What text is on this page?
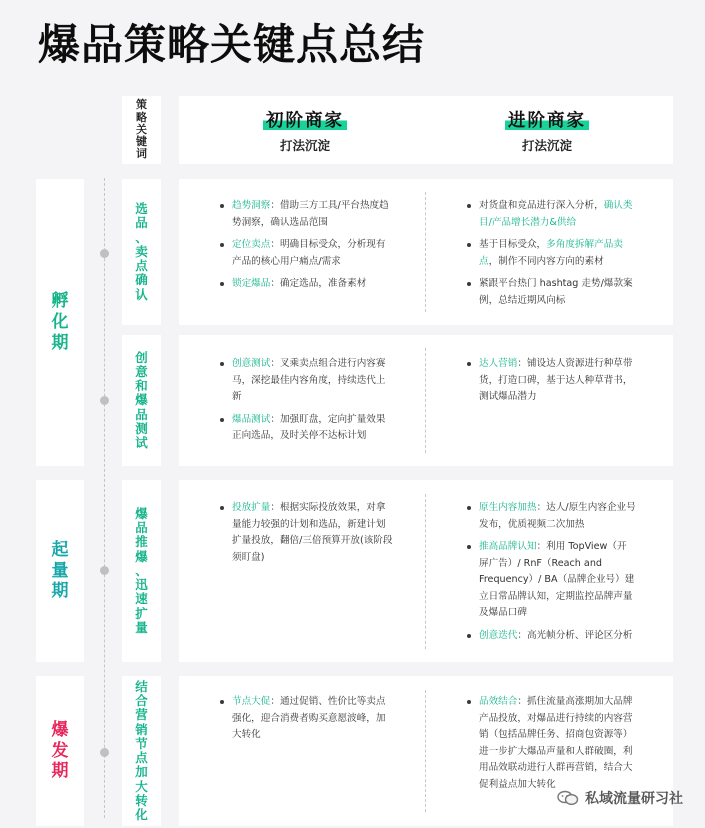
爆品策略关键点总结
策
略
关
键
词
初阶商家
打法沉淀
进阶商家
打法沉淀
孵
化
期
起
量
期
爆
发
期
选
品
、
卖
点
确
认
创
意
和
爆
品
测
试
爆
品
推
爆
、
迅
速
扩
量
结
合
营
销
节
点
加
大
转
化
趋势洞察：借助三方工具/平台热度趋势洞察，确认选品范围
定位卖点：明确目标受众，分析现有产品的核心用户痛点/需求
锁定爆品：确定选品，准备素材
对货盘和竞品进行深入分析，确认类目/产品增长潜力&供给
基于目标受众，多角度拆解产品卖点，制作不同内容方向的素材
紧跟平台热门 hashtag 走势/爆款案例，总结近期风向标
创意测试：叉乘卖点组合进行内容赛马，深挖最佳内容角度，持续迭代上新
爆品测试：加强盯盘，定向扩量效果正向选品，及时关停不达标计划
达人营销：铺设达人资源进行种草带货，打造口碑，基于达人种草背书，测试爆品潜力
投放扩量：根据实际投放效果，对拿量能力较强的计划和选品，新建计划扩量投放，翻倍/三倍预算开放(该阶段须盯盘)
原生内容加热：达人/原生内容企业号发布，优质视频二次加热
推高品牌认知：利用 TopView（开屏广告）/ RnF（Reach and Frequency）/ BA（品牌企业号）建立日常品牌认知，定期监控品牌声量及爆品口碑
创意迭代：高光帧分析、评论区分析
节点大促：通过促销、性价比等卖点强化，迎合消费者购买意愿波峰，加大转化
品效结合：抓住流量高涨期加大品牌产品投放，对爆品进行持续的内容营销（包括品牌任务、招商包资源等）进一步扩大爆品声量和人群破圈，利用品效联动进行人群再营销，结合大促利益点加大转化
私域流量研习社
